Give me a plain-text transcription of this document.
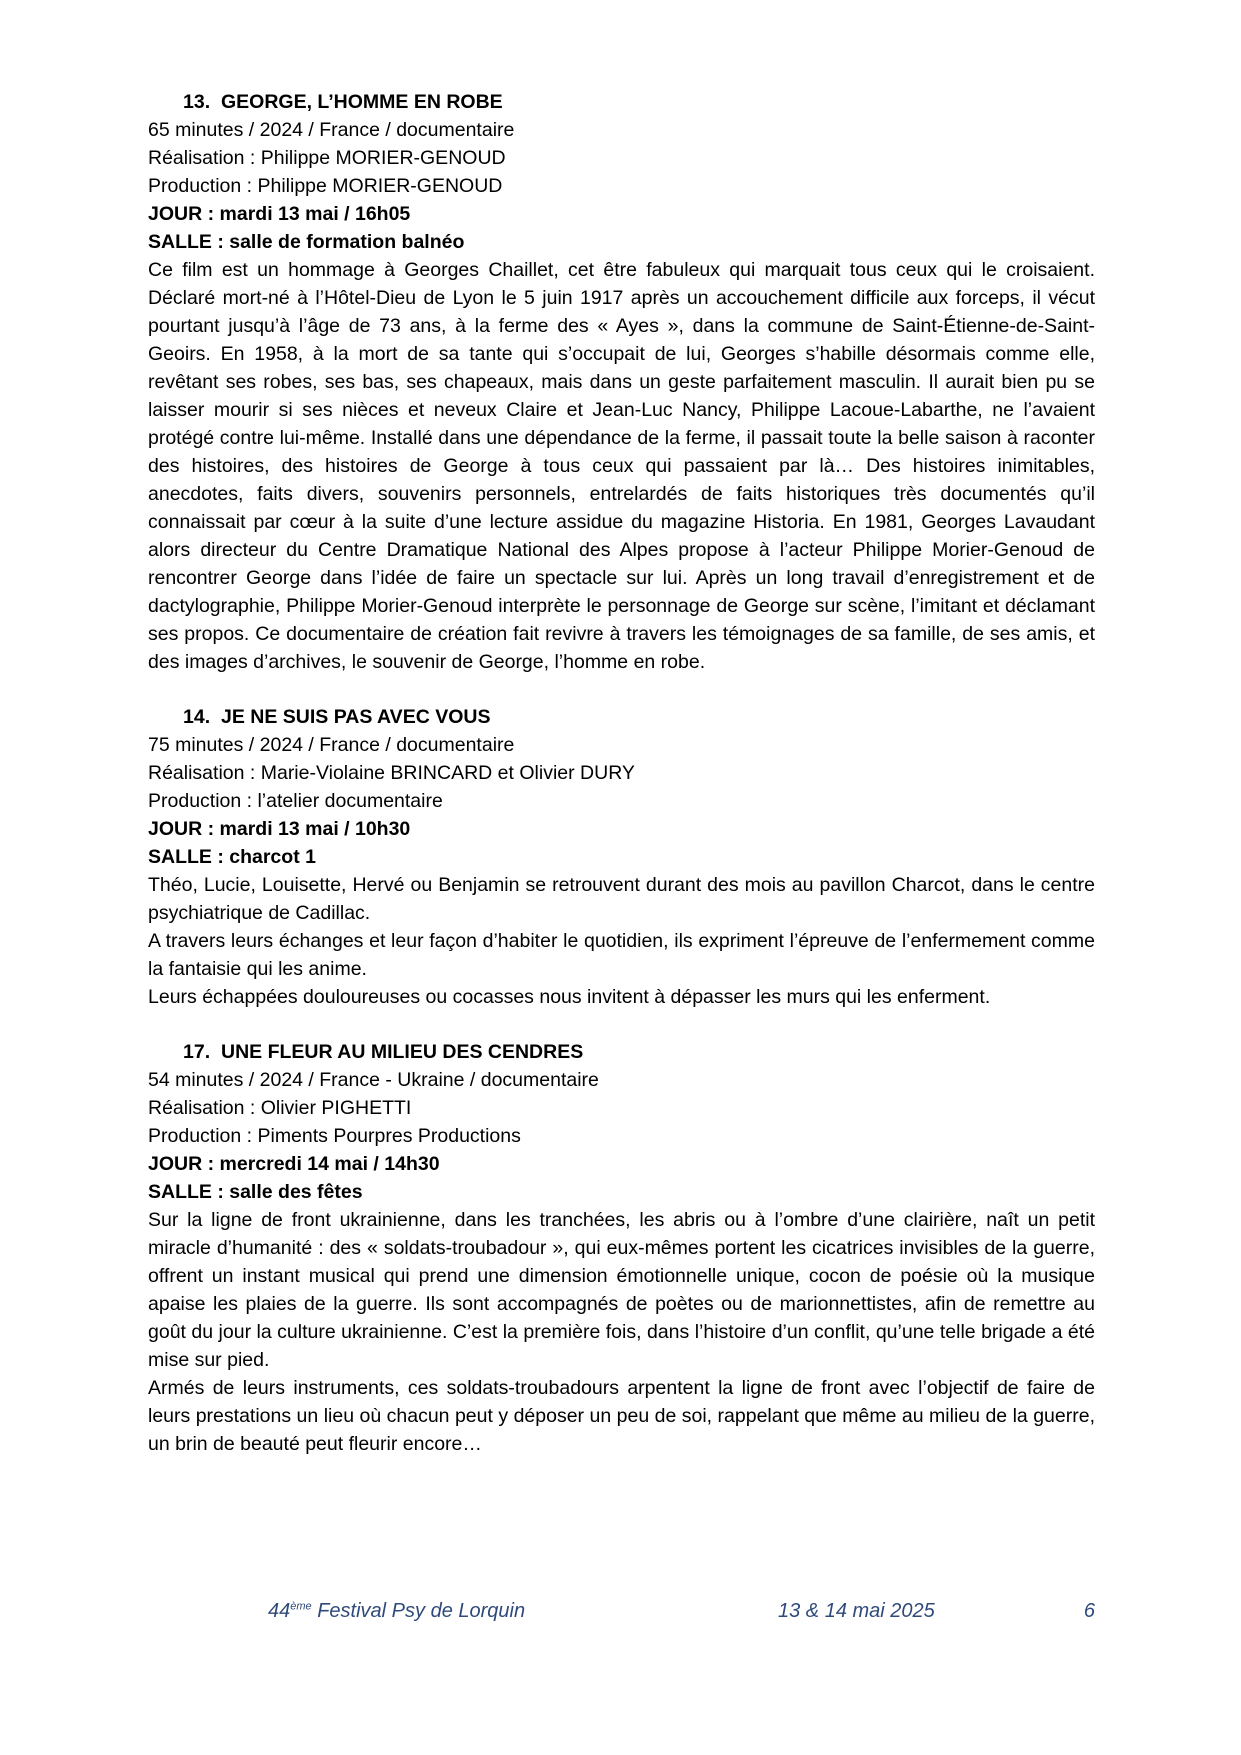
13. GEORGE, L’HOMME EN ROBE
65 minutes / 2024 / France / documentaire
Réalisation : Philippe MORIER-GENOUD
Production : Philippe MORIER-GENOUD
JOUR : mardi 13 mai / 16h05
SALLE : salle de formation balnéo

Ce film est un hommage à Georges Chaillet, cet être fabuleux qui marquait tous ceux qui le croisaient. Déclaré mort-né à l’Hôtel-Dieu de Lyon le 5 juin 1917 après un accouchement difficile aux forceps, il vécut pourtant jusqu’à l’âge de 73 ans, à la ferme des « Ayes », dans la commune de Saint-Étienne-de-Saint-Geoirs. En 1958, à la mort de sa tante qui s’occupait de lui, Georges s’habille désormais comme elle, revêtant ses robes, ses bas, ses chapeaux, mais dans un geste parfaitement masculin. Il aurait bien pu se laisser mourir si ses nièces et neveux Claire et Jean-Luc Nancy, Philippe Lacoue-Labarthe, ne l’avaient protégé contre lui-même. Installé dans une dépendance de la ferme, il passait toute la belle saison à raconter des histoires, des histoires de George à tous ceux qui passaient par là… Des histoires inimitables, anecdotes, faits divers, souvenirs personnels, entrelardés de faits historiques très documentés qu’il connaissait par cœur à la suite d’une lecture assidue du magazine Historia. En 1981, Georges Lavaudant alors directeur du Centre Dramatique National des Alpes propose à l’acteur Philippe Morier-Genoud de rencontrer George dans l’idée de faire un spectacle sur lui. Après un long travail d’enregistrement et de dactylographie, Philippe Morier-Genoud interprète le personnage de George sur scène, l’imitant et déclamant ses propos. Ce documentaire de création fait revivre à travers les témoignages de sa famille, de ses amis, et des images d’archives, le souvenir de George, l’homme en robe.

14. JE NE SUIS PAS AVEC VOUS
75 minutes / 2024 / France / documentaire
Réalisation : Marie-Violaine BRINCARD et Olivier DURY
Production : l’atelier documentaire
JOUR : mardi 13 mai / 10h30
SALLE : charcot 1

Théo, Lucie, Louisette, Hervé ou Benjamin se retrouvent durant des mois au pavillon Charcot, dans le centre psychiatrique de Cadillac.

A travers leurs échanges et leur façon d’habiter le quotidien, ils expriment l’épreuve de l’enfermement comme la fantaisie qui les anime.

Leurs échappées douloureuses ou cocasses nous invitent à dépasser les murs qui les enferment.

17. UNE FLEUR AU MILIEU DES CENDRES
54 minutes / 2024 / France - Ukraine / documentaire
Réalisation : Olivier PIGHETTI
Production : Piments Pourpres Productions
JOUR : mercredi 14 mai / 14h30
SALLE : salle des fêtes

Sur la ligne de front ukrainienne, dans les tranchées, les abris ou à l’ombre d’une clairière, naît un petit miracle d’humanité : des « soldats-troubadour », qui eux-mêmes portent les cicatrices invisibles de la guerre, offrent un instant musical qui prend une dimension émotionnelle unique, cocon de poésie où la musique apaise les plaies de la guerre. Ils sont accompagnés de poètes ou de marionnettistes, afin de remettre au goût du jour la culture ukrainienne. C’est la première fois, dans l’histoire d’un conflit, qu’une telle brigade a été mise sur pied.

Armés de leurs instruments, ces soldats-troubadours arpentent la ligne de front avec l’objectif de faire de leurs prestations un lieu où chacun peut y déposer un peu de soi, rappelant que même au milieu de la guerre, un brin de beauté peut fleurir encore…

44ème Festival Psy de Lorquin	13 & 14 mai 2025	6
